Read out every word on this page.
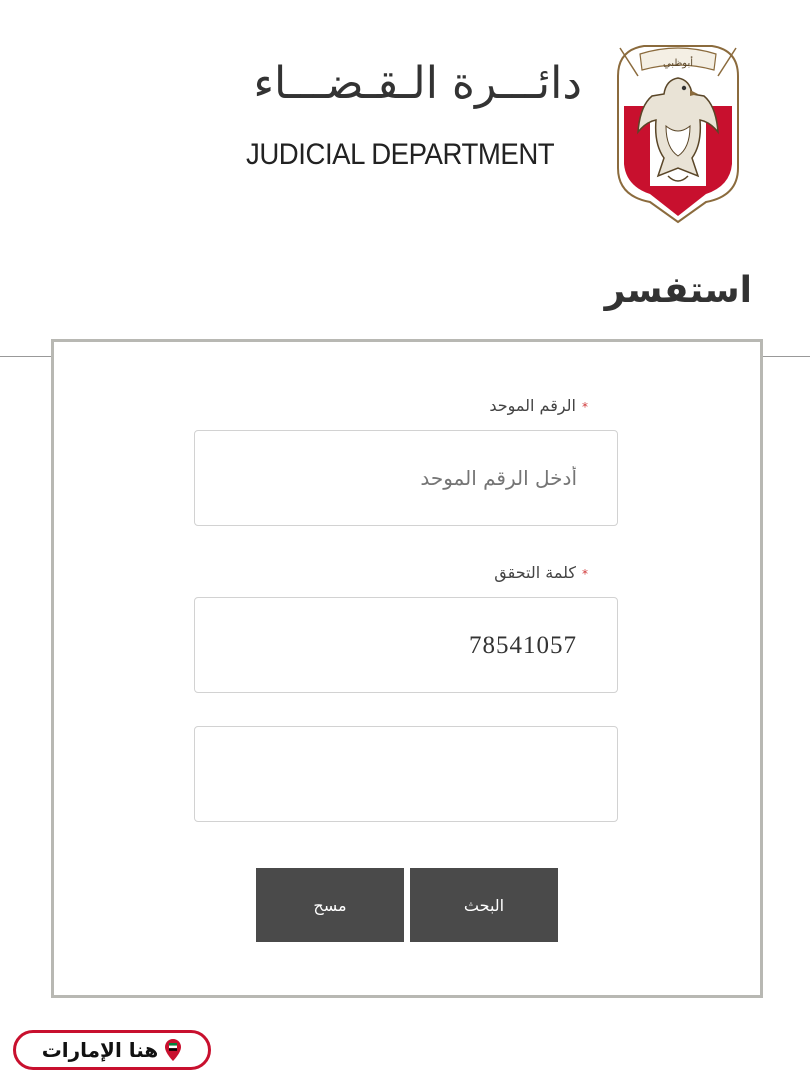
دائـــرة الـقـضـــاء
JUDICIAL DEPARTMENT
أبوظبي
استفسر
*الرقم الموحد
أدخل الرقم الموحد
*كلمة التحقق
78541057
البحث
مسح
هنا الإمارات
